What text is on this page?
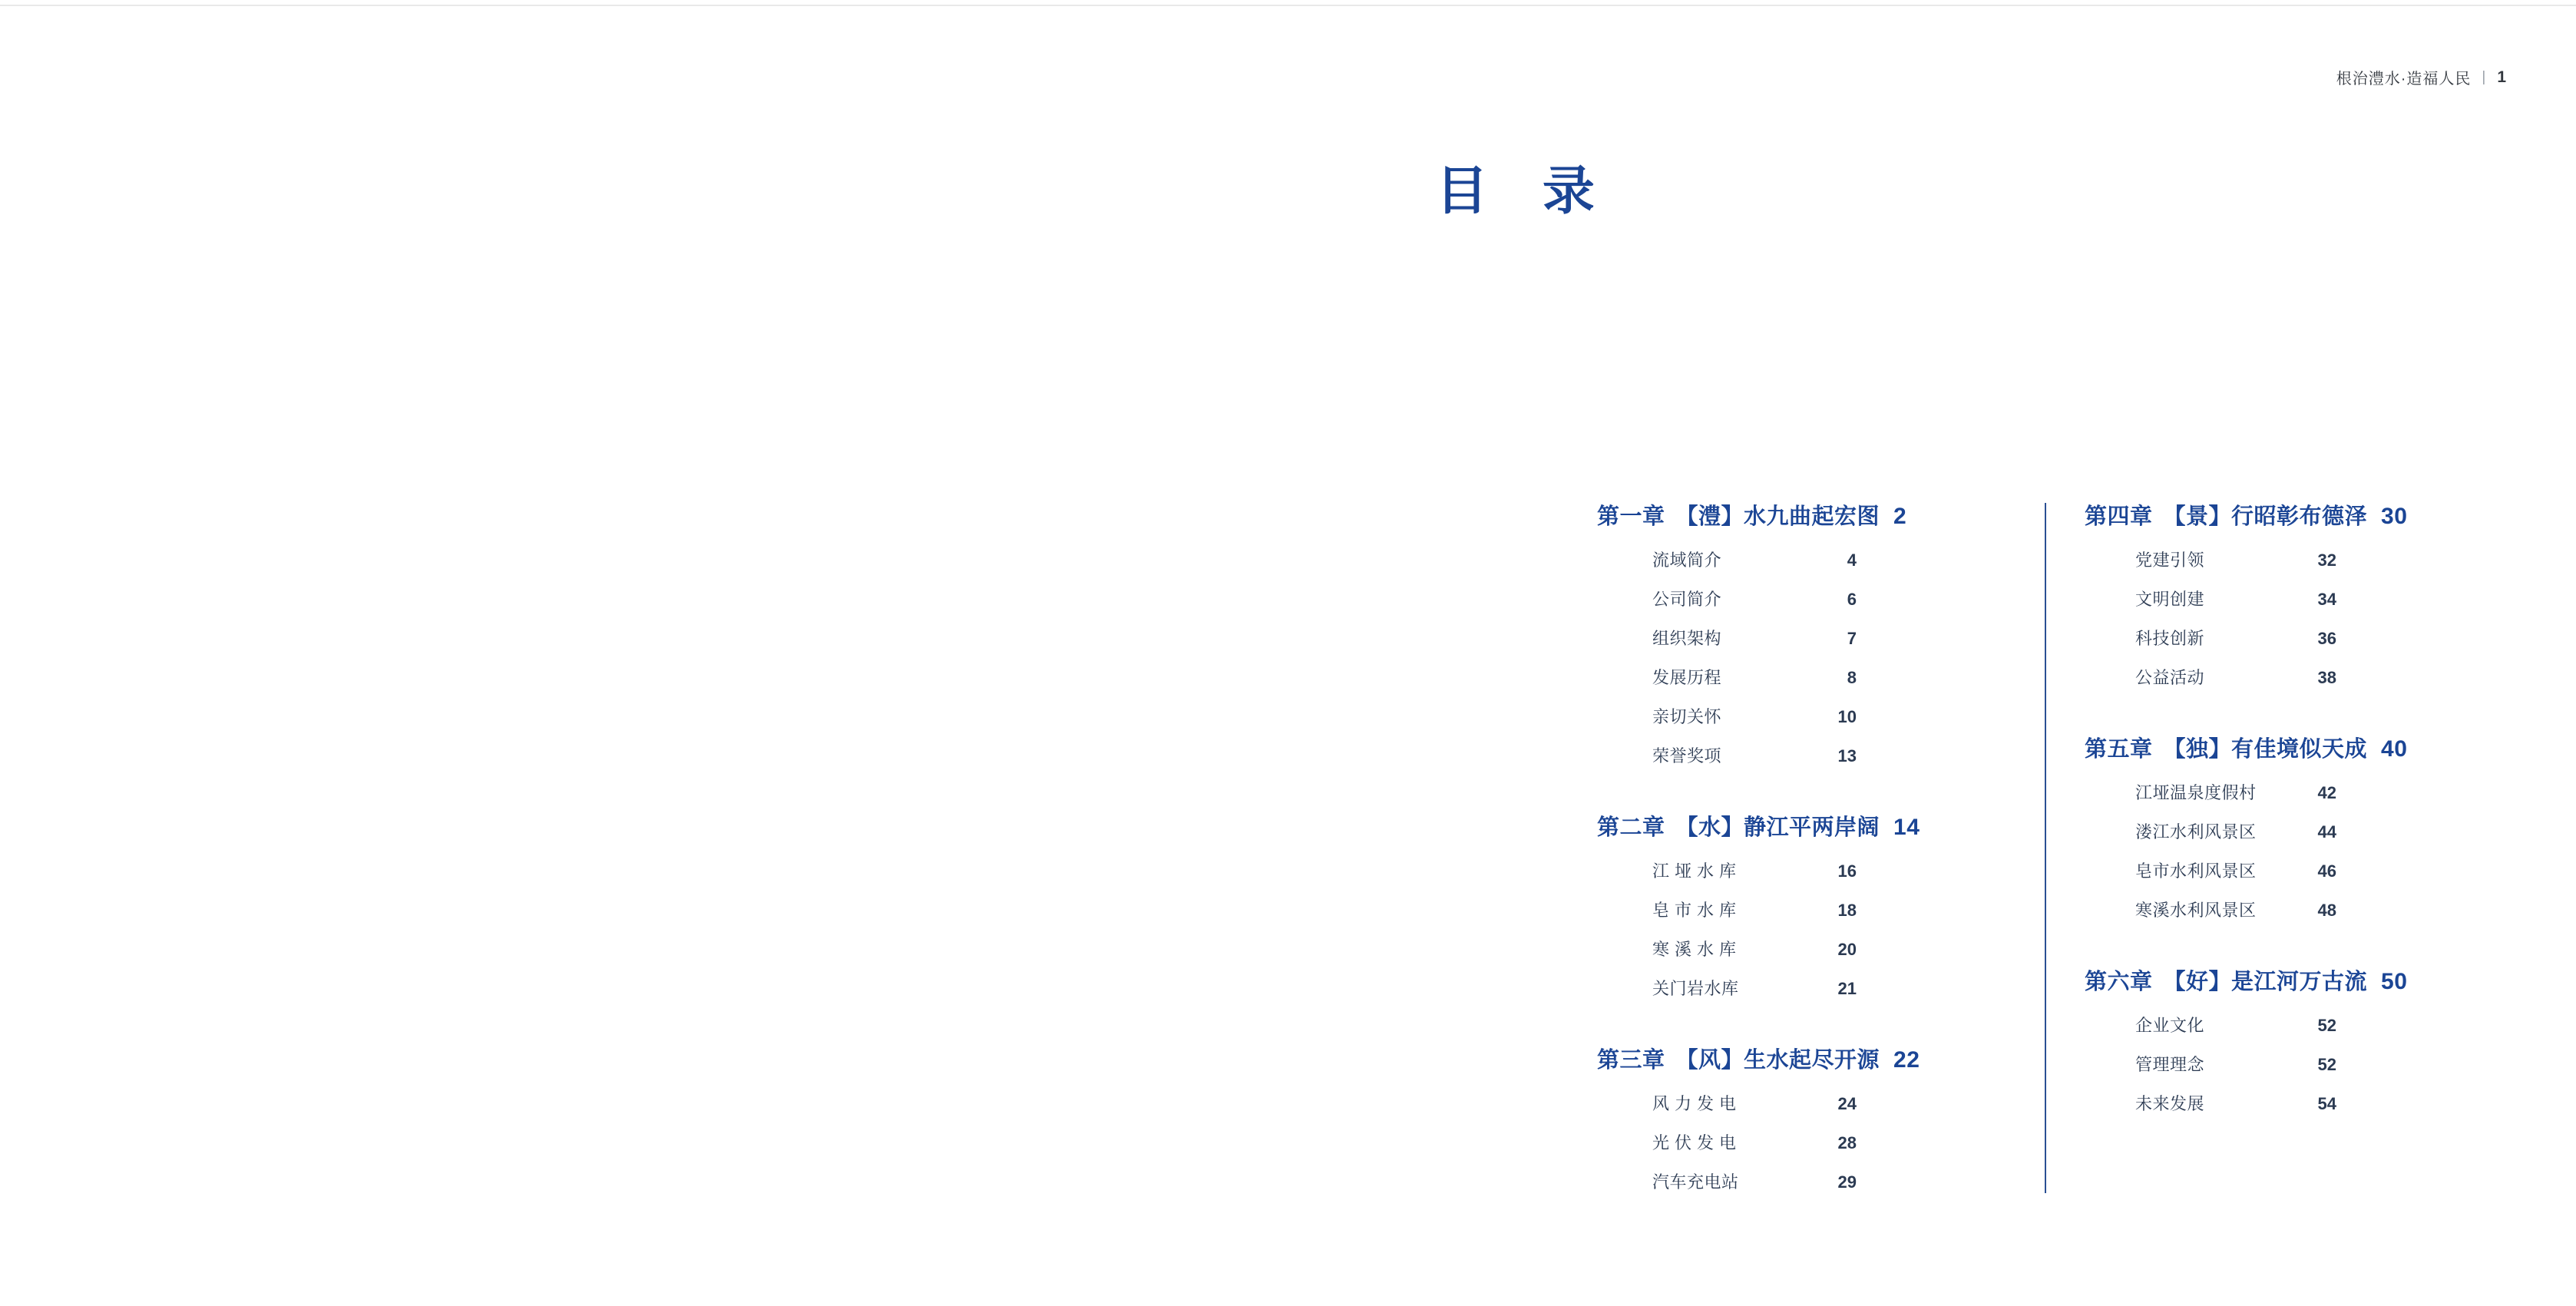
根治澧水·造福人民 | 1
目 录
第一章 【澧】水九曲起宏图 2
流域简介	4
公司简介	6
组织架构	7
发展历程	8
亲切关怀	10
荣誉奖项	13
第二章 【水】静江平两岸阔 14
江垭水库	16
皂市水库	18
寒溪水库	20
关门岩水库	21
第三章 【风】生水起尽开源 22
风力发电	24
光伏发电	28
汽车充电站	29
第四章 【景】行昭彰布德泽 30
党建引领	32
文明创建	34
科技创新	36
公益活动	38
第五章 【独】有佳境似天成 40
江垭温泉度假村	42
溇江水利风景区	44
皂市水利风景区	46
寒溪水利风景区	48
第六章 【好】是江河万古流 50
企业文化	52
管理理念	52
未来发展	54
